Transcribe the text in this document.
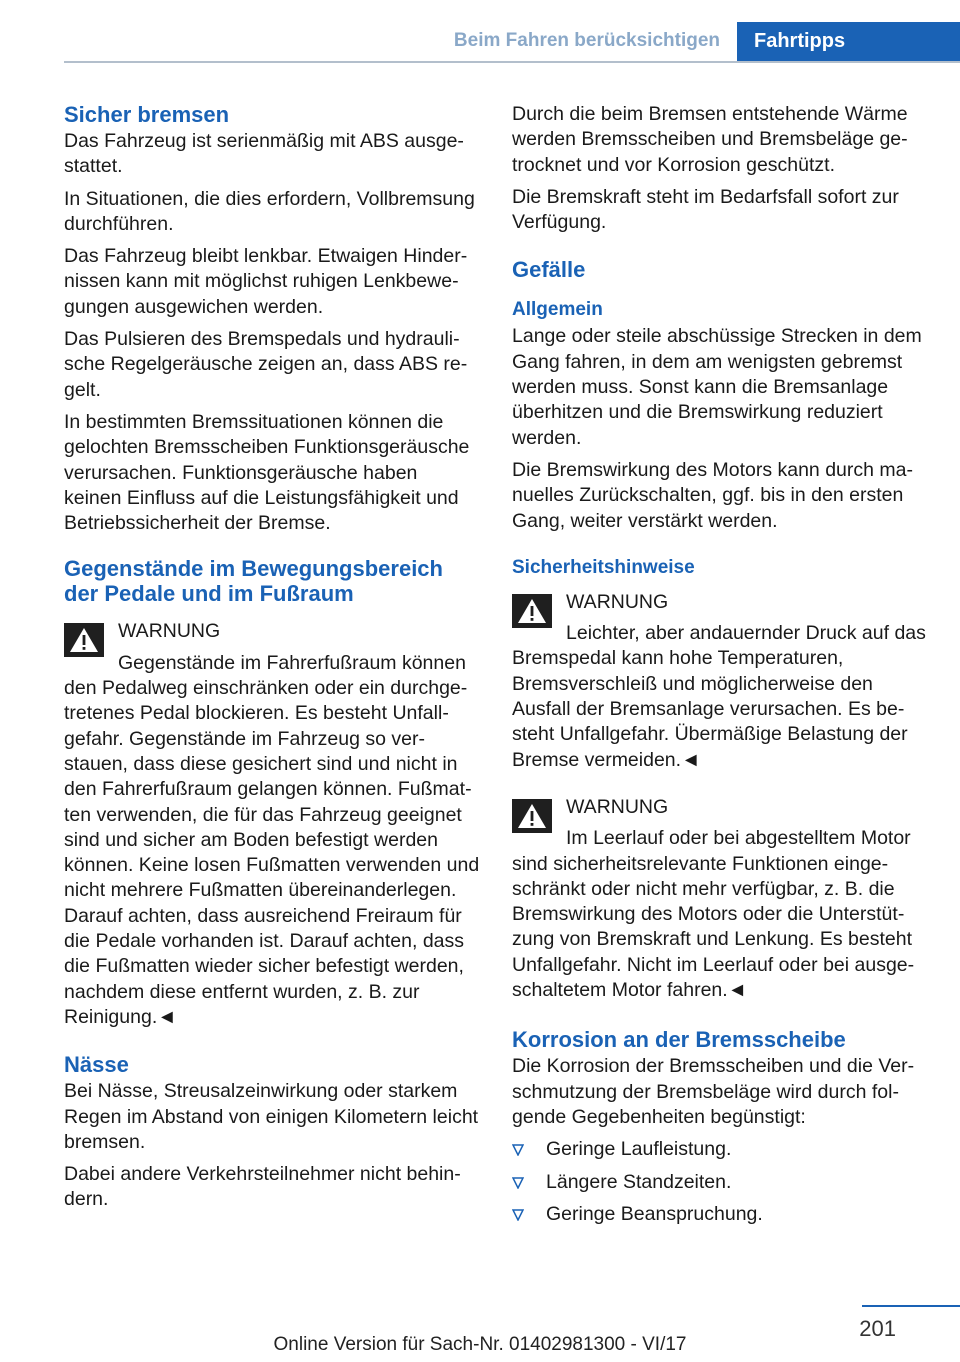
Beim Fahren berücksichtigen	Fahrtipps
Sicher bremsen

Das Fahrzeug ist serienmäßig mit ABS ausgestattet.

In Situationen, die dies erfordern, Vollbremsung durchführen.

Das Fahrzeug bleibt lenkbar. Etwaigen Hindernissen kann mit möglichst ruhigen Lenkbewegungen ausgewichen werden.

Das Pulsieren des Bremspedals und hydraulische Regelgeräusche zeigen an, dass ABS regelt.

In bestimmten Bremssituationen können die gelochten Bremsscheiben Funktionsgeräusche verursachen. Funktionsgeräusche haben keinen Einfluss auf die Leistungsfähigkeit und Betriebssicherheit der Bremse.

Gegenstände im Bewegungsbereich der Pedale und im Fußraum
WARNUNG
Gegenstände im Fahrerfußraum können den Pedalweg einschränken oder ein durchgetretenes Pedal blockieren. Es besteht Unfallgefahr. Gegenstände im Fahrzeug so verstauen, dass diese gesichert sind und nicht in den Fahrerfußraum gelangen können. Fußmatten verwenden, die für das Fahrzeug geeignet sind und sicher am Boden befestigt werden können. Keine losen Fußmatten verwenden und nicht mehrere Fußmatten übereinanderlegen. Darauf achten, dass ausreichend Freiraum für die Pedale vorhanden ist. Darauf achten, dass die Fußmatten wieder sicher befestigt werden, nachdem diese entfernt wurden, z. B. zur Reinigung.◄
Nässe

Bei Nässe, Streusalzeinwirkung oder starkem Regen im Abstand von einigen Kilometern leicht bremsen.

Dabei andere Verkehrsteilnehmer nicht behindern.

Durch die beim Bremsen entstehende Wärme werden Bremsscheiben und Bremsbeläge getrocknet und vor Korrosion geschützt.

Die Bremskraft steht im Bedarfsfall sofort zur Verfügung.

Gefälle
Allgemein

Lange oder steile abschüssige Strecken in dem Gang fahren, in dem am wenigsten gebremst werden muss. Sonst kann die Bremsanlage überhitzen und die Bremswirkung reduziert werden.

Die Bremswirkung des Motors kann durch manuelles Zurückschalten, ggf. bis in den ersten Gang, weiter verstärkt werden.

Sicherheitshinweise
WARNUNG
Leichter, aber andauernder Druck auf das Bremspedal kann hohe Temperaturen, Bremsverschleiß und möglicherweise den Ausfall der Bremsanlage verursachen. Es besteht Unfallgefahr. Übermäßige Belastung der Bremse vermeiden.◄
WARNUNG
Im Leerlauf oder bei abgestelltem Motor sind sicherheitsrelevante Funktionen eingeschränkt oder nicht mehr verfügbar, z. B. die Bremswirkung des Motors oder die Unterstützung von Bremskraft und Lenkung. Es besteht Unfallgefahr. Nicht im Leerlauf oder bei ausgeschaltetem Motor fahren.◄
Korrosion an der Bremsscheibe

Die Korrosion der Bremsscheiben und die Verschmutzung der Bremsbeläge wird durch folgende Gegebenheiten begünstigt:

Geringe Laufleistung.
Längere Standzeiten.
Geringe Beanspruchung.
201
Online Version für Sach-Nr. 01402981300 - VI/17
